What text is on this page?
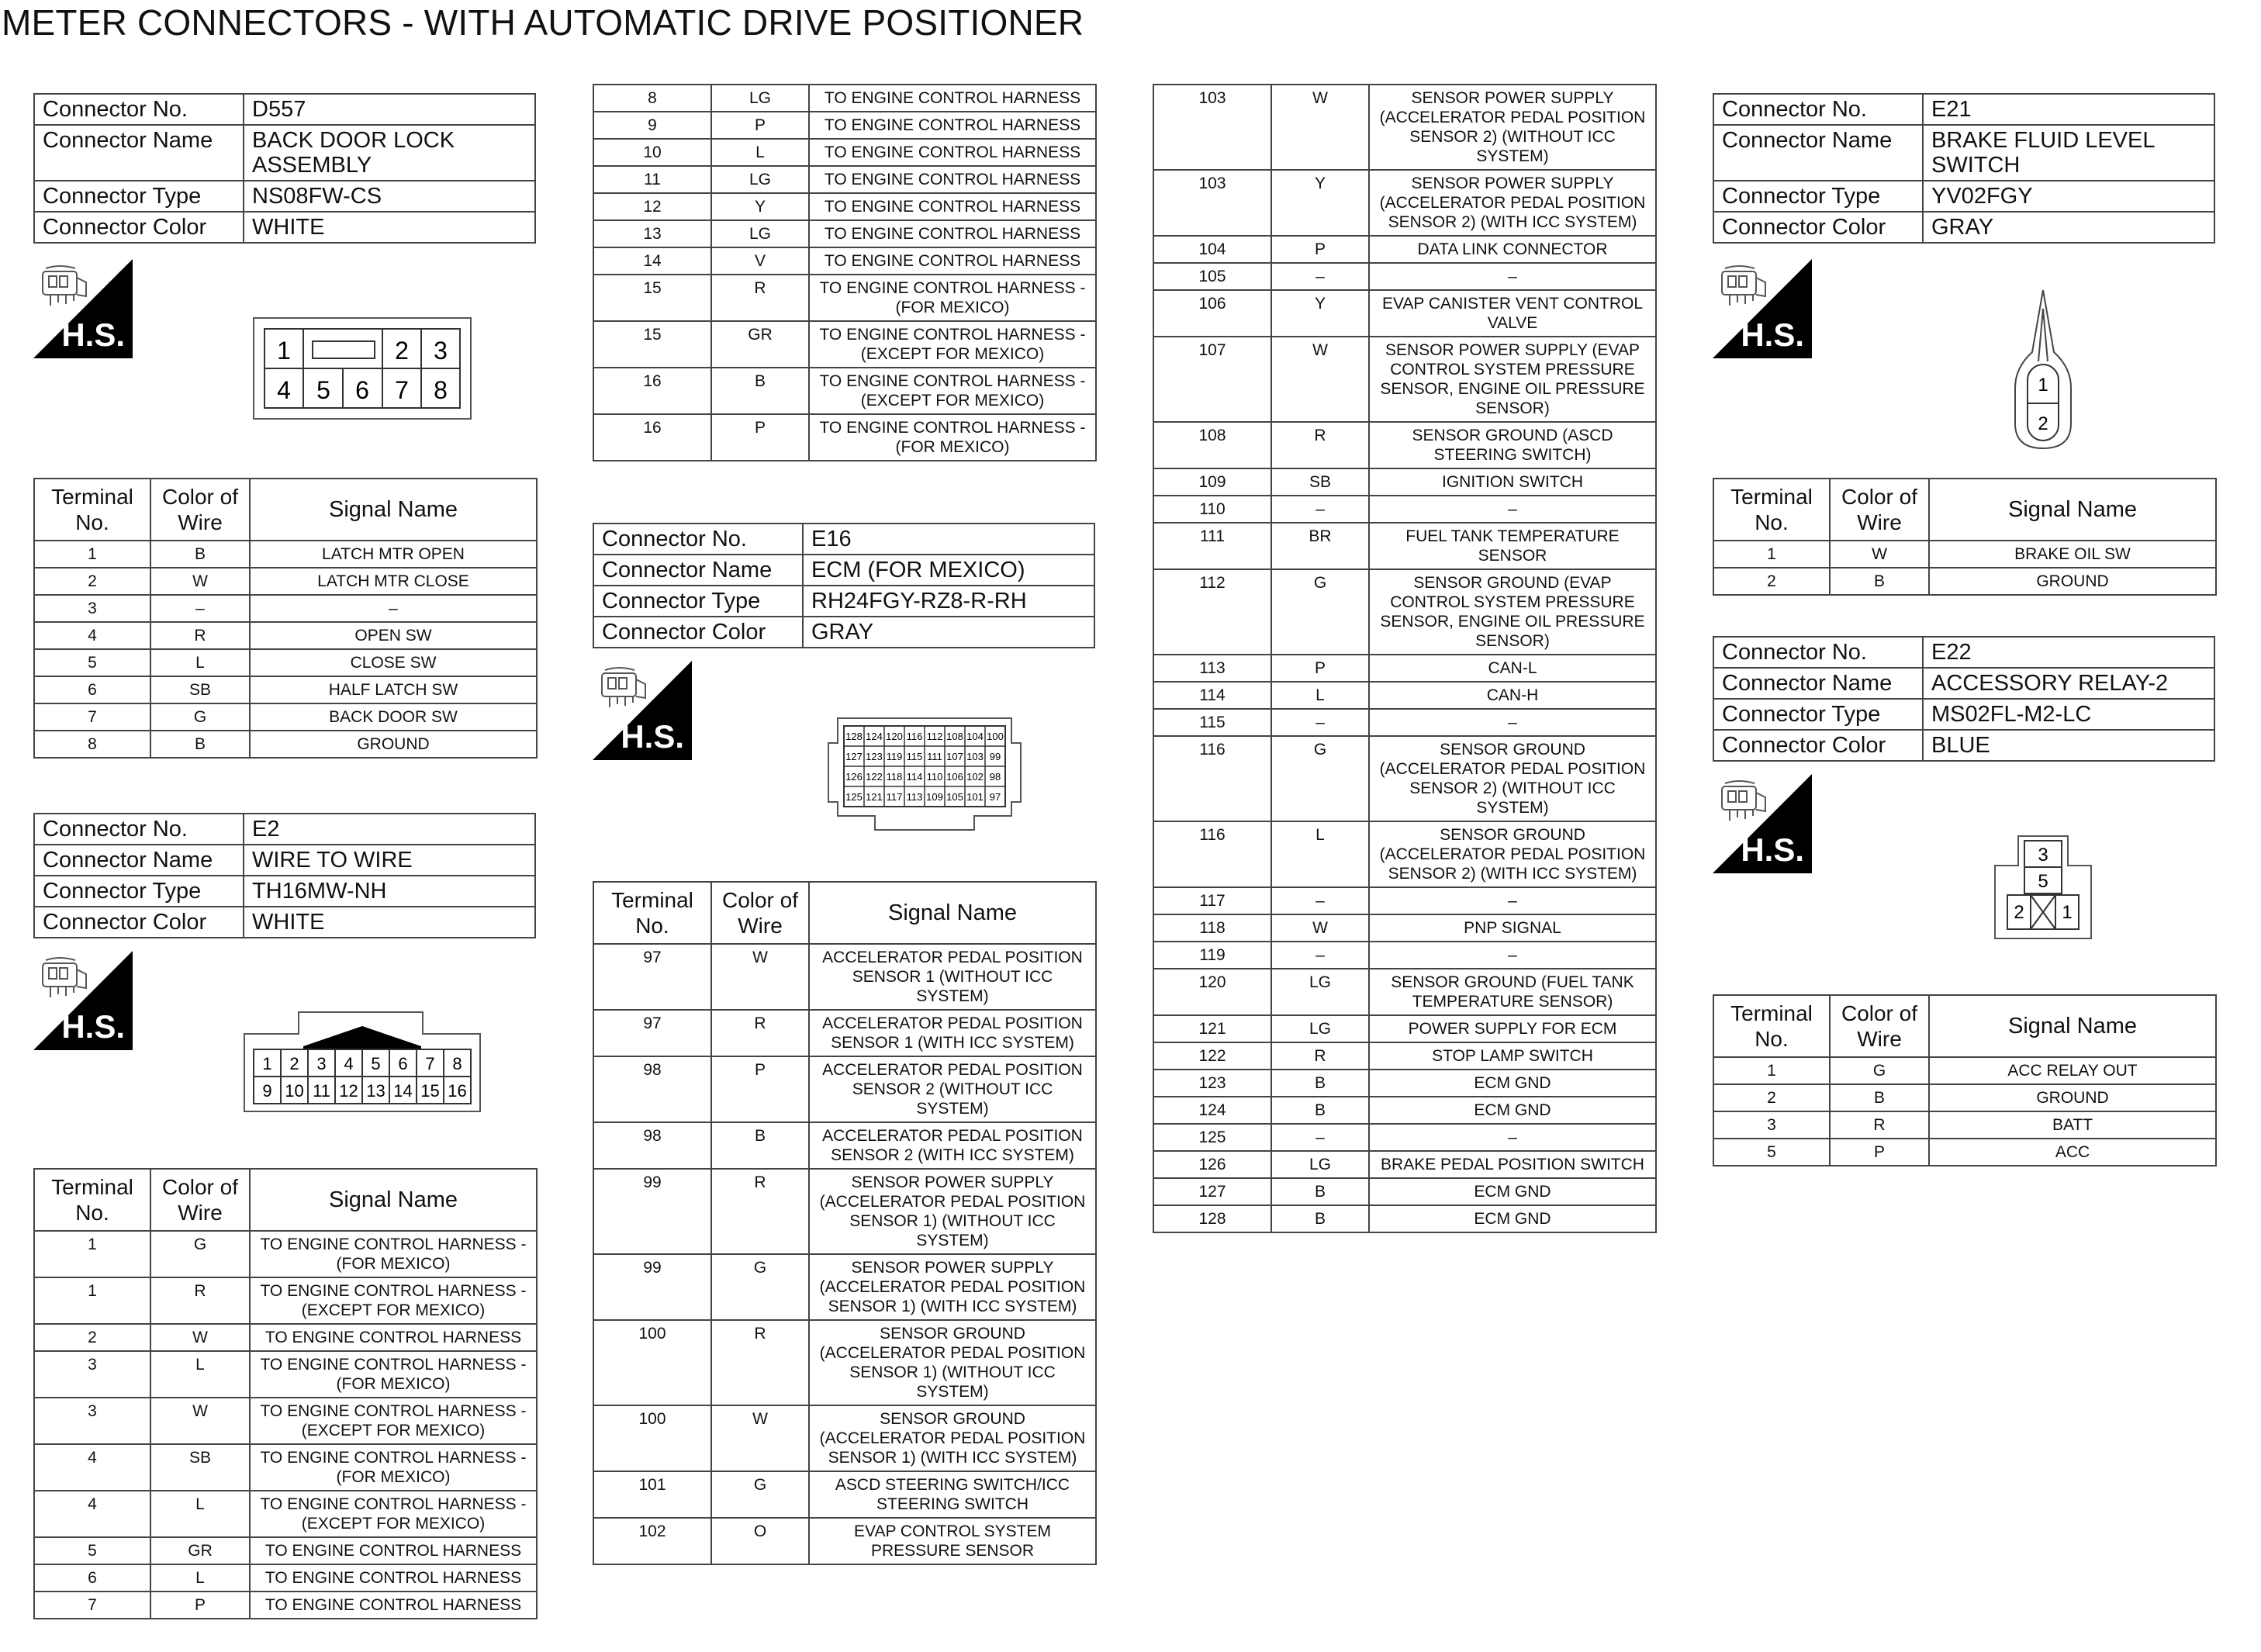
METER CONNECTORS - WITH AUTOMATIC DRIVE POSITIONER
Connector No.	D557
Connector Name	BACK DOOR LOCK ASSEMBLY
Connector Type	NS08FW-CS
Connector Color	WHITE
H.S.	1	2 3
4 5 6 7 8
Terminal No.	Color of Wire	Signal Name
1	B	LATCH MTR OPEN
2	W	LATCH MTR CLOSE
3	–	–
4	R	OPEN SW
5	L	CLOSE SW
6	SB	HALF LATCH SW
7	G	BACK DOOR SW
8	B	GROUND
Connector No.	E2
Connector Name	WIRE TO WIRE
Connector Type	TH16MW-NH
Connector Color	WHITE
H.S.
1 2 3 4 5 6 7 8
9 10 11 12 13 14 15 16
Terminal No.	Color of Wire	Signal Name
1	G	TO ENGINE CONTROL HARNESS - (FOR MEXICO)
1	R	TO ENGINE CONTROL HARNESS - (EXCEPT FOR MEXICO)
2	W	TO ENGINE CONTROL HARNESS
3	L	TO ENGINE CONTROL HARNESS - (FOR MEXICO)
3	W	TO ENGINE CONTROL HARNESS - (EXCEPT FOR MEXICO)
4	SB	TO ENGINE CONTROL HARNESS - (FOR MEXICO)
4	L	TO ENGINE CONTROL HARNESS - (EXCEPT FOR MEXICO)
5	GR	TO ENGINE CONTROL HARNESS
6	L	TO ENGINE CONTROL HARNESS
7	P	TO ENGINE CONTROL HARNESS
8	LG	TO ENGINE CONTROL HARNESS
9	P	TO ENGINE CONTROL HARNESS
10	L	TO ENGINE CONTROL HARNESS
11	LG	TO ENGINE CONTROL HARNESS
12	Y	TO ENGINE CONTROL HARNESS
13	LG	TO ENGINE CONTROL HARNESS
14	V	TO ENGINE CONTROL HARNESS
15	R	TO ENGINE CONTROL HARNESS - (FOR MEXICO)
15	GR	TO ENGINE CONTROL HARNESS - (EXCEPT FOR MEXICO)
16	B	TO ENGINE CONTROL HARNESS - (EXCEPT FOR MEXICO)
16	P	TO ENGINE CONTROL HARNESS - (FOR MEXICO)
Connector No.	E16
Connector Name	ECM (FOR MEXICO)
Connector Type	RH24FGY-RZ8-R-RH
Connector Color	GRAY
H.S.	128 124 120 116 112 108 104 100
127 123 119 115 111 107 103 99
126 122 118 114 110 106 102 98
125 121 117 113 109 105 101 97
Terminal No.	Color of Wire	Signal Name
97	W	ACCELERATOR PEDAL POSITION SENSOR 1 (WITHOUT ICC SYSTEM)
97	R	ACCELERATOR PEDAL POSITION SENSOR 1 (WITH ICC SYSTEM)
98	P	ACCELERATOR PEDAL POSITION SENSOR 2 (WITHOUT ICC SYSTEM)
98	B	ACCELERATOR PEDAL POSITION SENSOR 2 (WITH ICC SYSTEM)
99	R	SENSOR POWER SUPPLY (ACCELERATOR PEDAL POSITION SENSOR 1) (WITHOUT ICC SYSTEM)
99	G	SENSOR POWER SUPPLY (ACCELERATOR PEDAL POSITION SENSOR 1) (WITH ICC SYSTEM)
100	R	SENSOR GROUND (ACCELERATOR PEDAL POSITION SENSOR 1) (WITHOUT ICC SYSTEM)
100	W	SENSOR GROUND (ACCELERATOR PEDAL POSITION SENSOR 1) (WITH ICC SYSTEM)
101	G	ASCD STEERING SWITCH/ICC STEERING SWITCH
102	O	EVAP CONTROL SYSTEM PRESSURE SENSOR
103	W	SENSOR POWER SUPPLY (ACCELERATOR PEDAL POSITION SENSOR 2) (WITHOUT ICC SYSTEM)
103	Y	SENSOR POWER SUPPLY (ACCELERATOR PEDAL POSITION SENSOR 2) (WITH ICC SYSTEM)
104	P	DATA LINK CONNECTOR
105	–	–
106	Y	EVAP CANISTER VENT CONTROL VALVE
107	W	SENSOR POWER SUPPLY (EVAP CONTROL SYSTEM PRESSURE SENSOR, ENGINE OIL PRESSURE SENSOR)
108	R	SENSOR GROUND (ASCD STEERING SWITCH)
109	SB	IGNITION SWITCH
110	–	–
111	BR	FUEL TANK TEMPERATURE SENSOR
112	G	SENSOR GROUND (EVAP CONTROL SYSTEM PRESSURE SENSOR, ENGINE OIL PRESSURE SENSOR)
113	P	CAN-L
114	L	CAN-H
115	–	–
116	G	SENSOR GROUND (ACCELERATOR PEDAL POSITION SENSOR 2) (WITHOUT ICC SYSTEM)
116	L	SENSOR GROUND (ACCELERATOR PEDAL POSITION SENSOR 2) (WITH ICC SYSTEM)
117	–	–
118	W	PNP SIGNAL
119	–	–
120	LG	SENSOR GROUND (FUEL TANK TEMPERATURE SENSOR)
121	LG	POWER SUPPLY FOR ECM
122	R	STOP LAMP SWITCH
123	B	ECM GND
124	B	ECM GND
125	–	–
126	LG	BRAKE PEDAL POSITION SWITCH
127	B	ECM GND
128	B	ECM GND
Connector No.	E21
Connector Name	BRAKE FLUID LEVEL SWITCH
Connector Type	YV02FGY
Connector Color	GRAY
H.S.
1
2
Terminal No.	Color of Wire	Signal Name
1	W	BRAKE OIL SW
2	B	GROUND
Connector No.	E22
Connector Name	ACCESSORY RELAY-2
Connector Type	MS02FL-M2-LC
Connector Color	BLUE
H.S.	3
5
2 1
Terminal No.	Color of Wire	Signal Name
1	G	ACC RELAY OUT
2	B	GROUND
3	R	BATT
5	P	ACC
